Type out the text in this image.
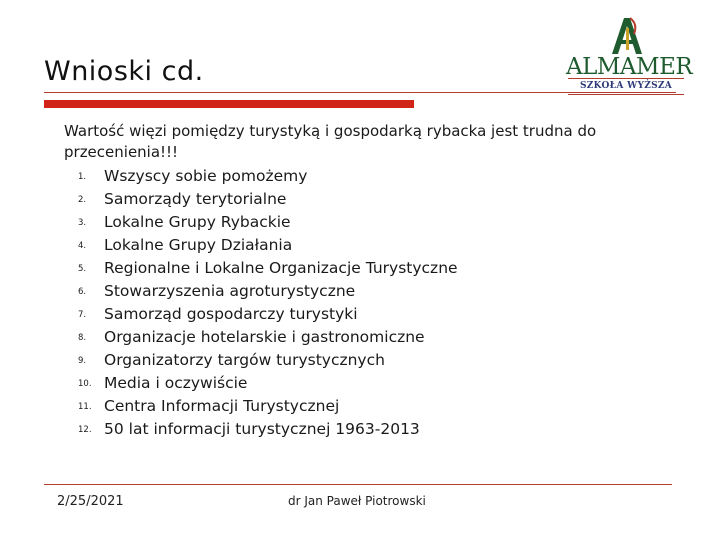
Wnioski cd.	ALMAMER
SZKOŁA WYŻSZA
Wartość więzi pomiędzy turystyką i gospodarką rybacka jest trudna do
przecenienia!!!
1.	Wszyscy sobie pomożemy
2.	Samorządy terytorialne
3.	Lokalne Grupy Rybackie
4.	Lokalne Grupy Działania
5.	Regionalne i Lokalne Organizacje Turystyczne
6.	Stowarzyszenia agroturystyczne
7.	Samorząd gospodarczy turystyki
8.	Organizacje hotelarskie i gastronomiczne
9.	Organizatorzy targów turystycznych
10. Media i oczywiście
11. Centra Informacji Turystycznej
12. 50 lat informacji turystycznej 1963-2013
2/25/2021	dr Jan Paweł Piotrowski
